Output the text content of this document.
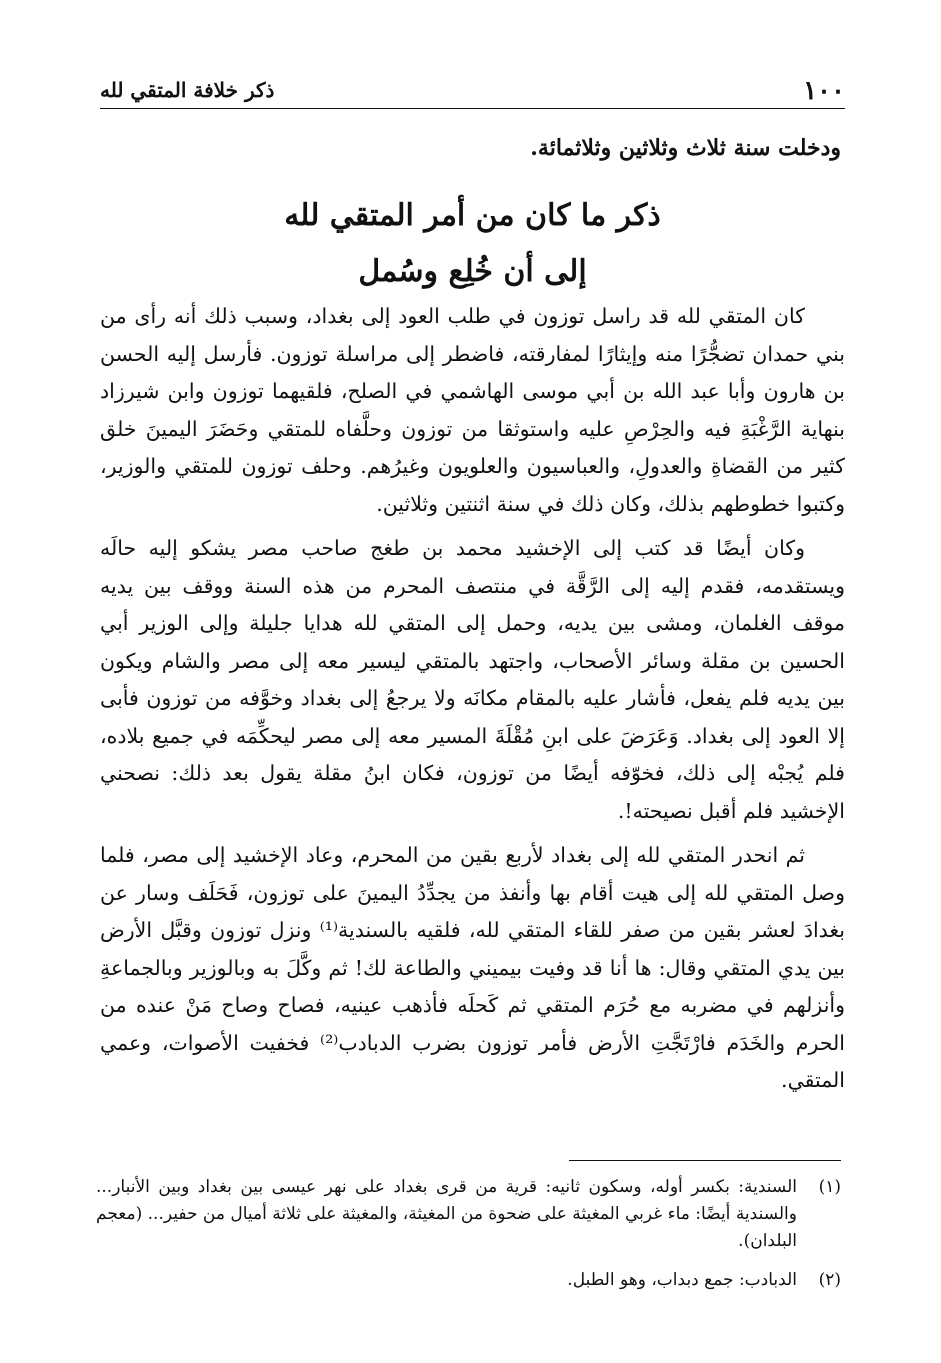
١٠٠
ذكر خلافة المتقي لله
ودخلت سنة ثلاث وثلاثين وثلاثمائة.
ذكر ما كان من أمر المتقي لله
إلى أن خُلِع وسُمل

كان المتقي لله قد راسل توزون في طلب العود إلى بغداد، وسبب ذلك أنه رأى من بني حمدان تضجُّرًا منه وإيثارًا لمفارقته، فاضطر إلى مراسلة توزون. فأرسل إليه الحسن بن هارون وأبا عبد الله بن أبي موسى الهاشمي في الصلح، فلقيهما توزون وابن شيرزاد بنهاية الرَّغْبَةِ فيه والحِرْصِ عليه واستوثقا من توزون وحلَّفاه للمتقي وحَضَرَ اليمينَ خلق كثير من القضاةِ والعدولِ، والعباسيون والعلويون وغيرُهم. وحلف توزون للمتقي والوزير، وكتبوا خطوطهم بذلك، وكان ذلك في سنة اثنتين وثلاثين.

وكان أيضًا قد كتب إلى الإخشيد محمد بن طغج صاحب مصر يشكو إليه حالَه ويستقدمه، فقدم إليه إلى الرَّقَّة في منتصف المحرم من هذه السنة ووقف بين يديه موقف الغلمان، ومشى بين يديه، وحمل إلى المتقي لله هدايا جليلة وإلى الوزير أبي الحسين بن مقلة وسائر الأصحاب، واجتهد بالمتقي ليسير معه إلى مصر والشام ويكون بين يديه فلم يفعل، فأشار عليه بالمقام مكانَه ولا يرجعُ إلى بغداد وخوَّفه من توزون فأبى إلا العود إلى بغداد. وَعَرَضَ على ابنِ مُقْلَةَ المسير معه إلى مصر ليحكِّمَه في جميع بلاده، فلم يُجبْه إلى ذلك، فخوّفه أيضًا من توزون، فكان ابنُ مقلة يقول بعد ذلك: نصحني الإخشيد فلم أقبل نصيحته!.

ثم انحدر المتقي لله إلى بغداد لأربع بقين من المحرم، وعاد الإخشيد إلى مصر، فلما وصل المتقي لله إلى هيت أقام بها وأنفذ من يجدِّدُ اليمينَ على توزون، فَحَلَف وسار عن بغدادَ لعشر بقين من صفر للقاء المتقي لله، فلقيه بالسندية⁽¹⁾ ونزل توزون وقبَّل الأرض بين يدي المتقي وقال: ها أنا قد وفيت بيميني والطاعة لك! ثم وكَّلَ به وبالوزير وبالجماعةِ وأنزلهم في مضربه مع حُرَم المتقي ثم كَحلَه فأذهب عينيه، فصاح وصاح مَنْ عنده من الحرم والخَدَم فارْتَجَّتِ الأرض فأمر توزون بضرب الدبادب⁽²⁾ فخفيت الأصوات، وعمي المتقي.

(١)
السندية: بكسر أوله، وسكون ثانيه: قرية من قرى بغداد على نهر عيسى بين بغداد وبين الأنبار... والسندية أيضًا: ماء غربي المغيثة على ضحوة من المغيثة، والمغيثة على ثلاثة أميال من حفير... (معجم البلدان).
(٢)
الدبادب: جمع دبداب، وهو الطبل.
